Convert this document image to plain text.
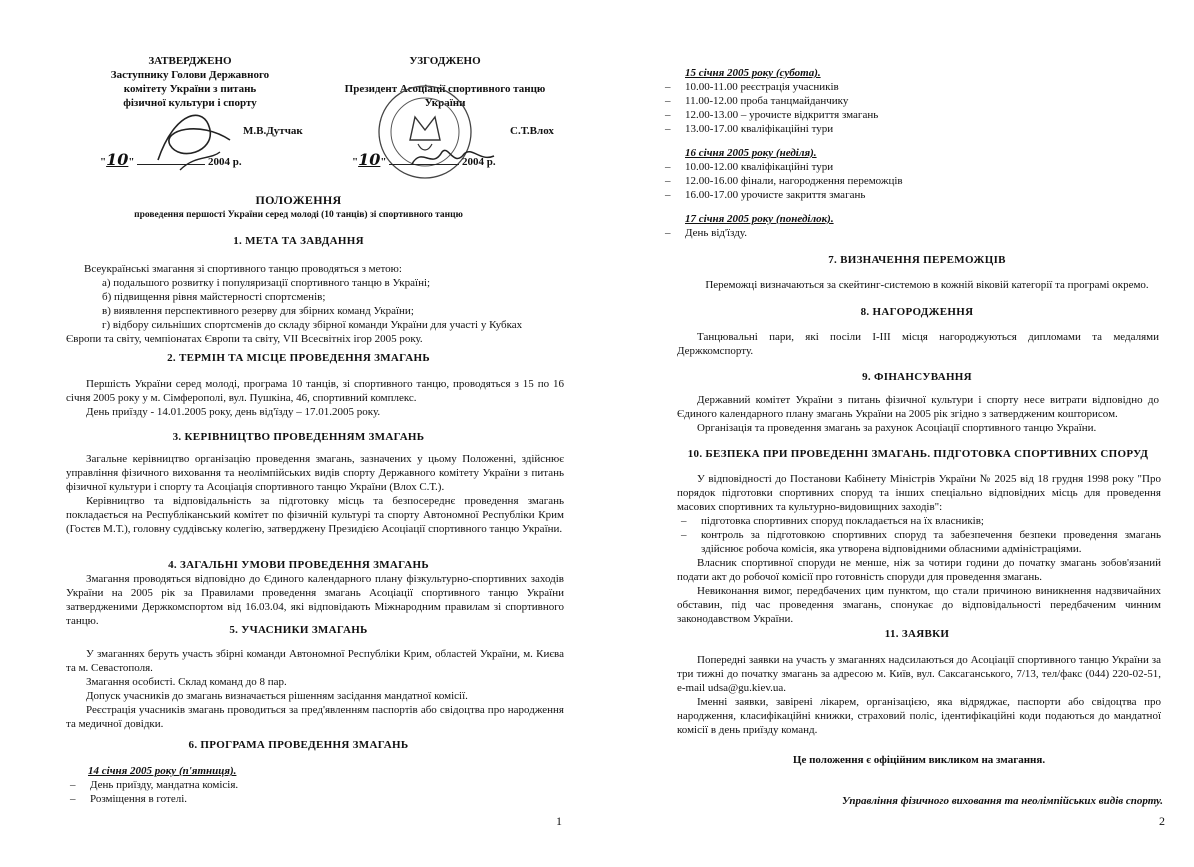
ЗАТВЕРДЖЕНО
Заступнику Голови Державного
комітету України з питань
фізичної культури і спорту
М.В.Дутчак
"10"	2004 р.
УЗГОДЖЕНО
Президент Асоціації спортивного танцю
України
С.Т.Влох
"10"	2004 р.
ПОЛОЖЕННЯ
проведення першості України серед молоді (10 танців) зі спортивного танцю
1. МЕТА ТА ЗАВДАННЯ
Всеукраїнські змагання зі спортивного танцю проводяться з метою:
а) подальшого розвитку і популяризації спортивного танцю в Україні;
б) підвищення рівня майстерності спортсменів;
в) виявлення перспективного резерву для збірних команд України;
г) відбору сильніших спортсменів до складу збірної команди України для участі у Кубках
Європи та світу, чемпіонатах Європи та світу, VII Всесвітніх ігор 2005 року.
2. ТЕРМІН ТА МІСЦЕ ПРОВЕДЕННЯ ЗМАГАНЬ
Першість України серед молоді, програма 10 танців, зі спортивного танцю, проводяться з 15 по 16 січня 2005 року у м. Сімферополі, вул. Пушкіна, 46, спортивний комплекс.
День приїзду - 14.01.2005 року, день від'їзду – 17.01.2005 року.
3. КЕРІВНИЦТВО ПРОВЕДЕННЯМ ЗМАГАНЬ
Загальне керівництво організацію проведення змагань, зазначених у цьому Положенні, здійснює управління фізичного виховання та неолімпійських видів спорту Державного комітету України з питань фізичної культури і спорту та Асоціація спортивного танцю України (Влох С.Т.).
Керівництво та відповідальність за підготовку місць та безпосереднє проведення змагань покладається на Республіканський комітет по фізичній культурі та спорту Автономної Республіки Крим (Гостєв М.Т.), головну суддівську колегію, затверджену Президією Асоціації спортивного танцю України.
4. ЗАГАЛЬНІ УМОВИ ПРОВЕДЕННЯ ЗМАГАНЬ
Змагання проводяться відповідно до Єдиного календарного плану фізкультурно-спортивних заходів України на 2005 рік за Правилами проведення змагань Асоціації спортивного танцю України затвердженими Держкомспортом від 16.03.04, які відповідають Міжнародним правилам зі спортивного танцю.
5. УЧАСНИКИ ЗМАГАНЬ
У змаганнях беруть участь збірні команди Автономної Республіки Крим, областей України, м. Києва та м. Севастополя.
Змагання особисті. Склад команд до 8 пар.
Допуск учасників до змагань визначається рішенням засідання мандатної комісії.
Реєстрація учасників змагань проводиться за пред'явленням паспортів або свідоцтва про народження та медичної довідки.
6. ПРОГРАМА ПРОВЕДЕННЯ ЗМАГАНЬ
14 січня 2005 року (п'ятниця).
– День приїзду, мандатна комісія.
– Розміщення в готелі.
1
15 січня 2005 року (субота).
– 10.00-11.00 реєстрація учасників
– 11.00-12.00 проба танцмайданчику
– 12.00-13.00 – урочисте відкриття змагань
– 13.00-17.00 кваліфікаційні тури
16 січня 2005 року (неділя).
– 10.00-12.00 кваліфікаційні тури
– 12.00-16.00 фінали, нагородження переможців
– 16.00-17.00 урочисте закриття змагань
17 січня 2005 року (понеділок).
– День від'їзду.
7. ВИЗНАЧЕННЯ ПЕРЕМОЖЦІВ
Переможці визначаються за скейтинг-системою в кожній віковій категорії та програмі окремо.
8. НАГОРОДЖЕННЯ
Танцювальні пари, які посіли І-ІІІ місця нагороджуються дипломами та медалями Держкомспорту.
9. ФІНАНСУВАННЯ
Державний комітет України з питань фізичної культури і спорту несе витрати відповідно до Єдиного календарного плану змагань України на 2005 рік згідно з затвердженим кошторисом.
Організація та проведення змагань за рахунок Асоціації спортивного танцю України.
10. БЕЗПЕКА ПРИ ПРОВЕДЕННІ ЗМАГАНЬ. ПІДГОТОВКА СПОРТИВНИХ СПОРУД
У відповідності до Постанови Кабінету Міністрів України № 2025 від 18 грудня 1998 року "Про порядок підготовки спортивних споруд та інших спеціально відповідних місць для проведення масових спортивних та культурно-видовищних заходів":
– підготовка спортивних споруд покладається на їх власників;
– контроль за підготовкою спортивних споруд та забезпечення безпеки проведення змагань здійснює робоча комісія, яка утворена відповідними обласними адміністраціями.
Власник спортивної споруди не менше, ніж за чотири години до початку змагань зобов'язаний подати акт до робочої комісії про готовність споруди для проведення змагань.
Невиконання вимог, передбачених цим пунктом, що стали причиною виникнення надзвичайних обставин, під час проведення змагань, спонукає до відповідальності передбаченим чинним законодавством України.
11. ЗАЯВКИ
Попередні заявки на участь у змаганнях надсилаються до Асоціації спортивного танцю України за три тижні до початку змагань за адресою м. Київ, вул. Саксаганського, 7/13, тел/факс (044) 220-02-51, e-mail udsa@gu.kiev.ua.
Іменні заявки, завірені лікарем, організацією, яка відряджає, паспорти або свідоцтва про народження, класифікаційні книжки, страховий поліс, ідентифікаційні коди подаються до мандатної комісії в день приїзду команд.
Це положення є офіційним викликом на змагання.
Управління фізичного виховання та неолімпійських видів спорту.
2
